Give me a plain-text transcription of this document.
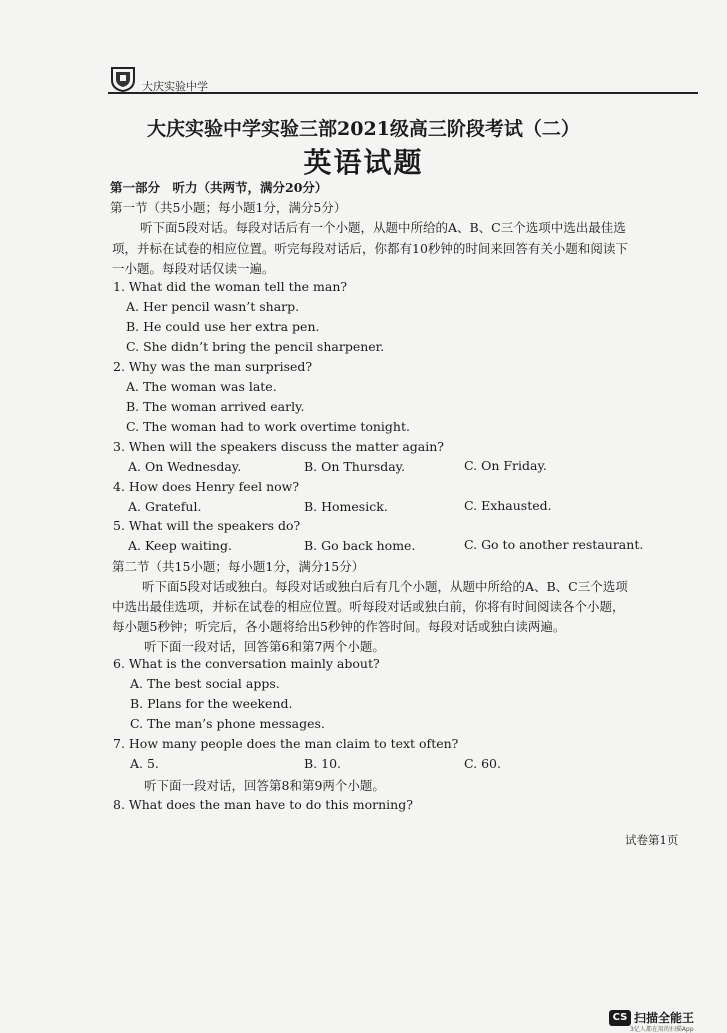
大庆实验中学
大庆实验中学实验三部2021级高三阶段考试（二）
英语试题
第一部分　听力（共两节，满分20分）
第一节（共5小题；每小题1分，满分5分）
听下面5段对话。每段对话后有一个小题，从题中所给的A、B、C三个选项中选出最佳选
项，并标在试卷的相应位置。听完每段对话后，你都有10秒钟的时间来回答有关小题和阅读下
一小题。每段对话仅读一遍。
1. What did the woman tell the man?
A. Her pencil wasn’t sharp.
B. He could use her extra pen.
C. She didn’t bring the pencil sharpener.
2. Why was the man surprised?
A. The woman was late.
B. The woman arrived early.
C. The woman had to work overtime tonight.
3. When will the speakers discuss the matter again?
A. On Wednesday.	B. On Thursday.	C. On Friday.
4. How does Henry feel now?
A. Grateful.	B. Homesick.	C. Exhausted.
5. What will the speakers do?
A. Keep waiting.	B. Go back home.	C. Go to another restaurant.
第二节（共15小题；每小题1分，满分15分）
听下面5段对话或独白。每段对话或独白后有几个小题，从题中所给的A、B、C三个选项
中选出最佳选项，并标在试卷的相应位置。听每段对话或独白前，你将有时间阅读各个小题，
每小题5秒钟；听完后，各小题将给出5秒钟的作答时间。每段对话或独白读两遍。
听下面一段对话，回答第6和第7两个小题。
6. What is the conversation mainly about?
A. The best social apps.
B. Plans for the weekend.
C. The man’s phone messages.
7. How many people does the man claim to text often?
A. 5.	B. 10.	C. 60.
听下面一段对话，回答第8和第9两个小题。
8. What does the man have to do this morning?
试卷第1页
CS 扫描全能王
3亿人都在用的扫描App
